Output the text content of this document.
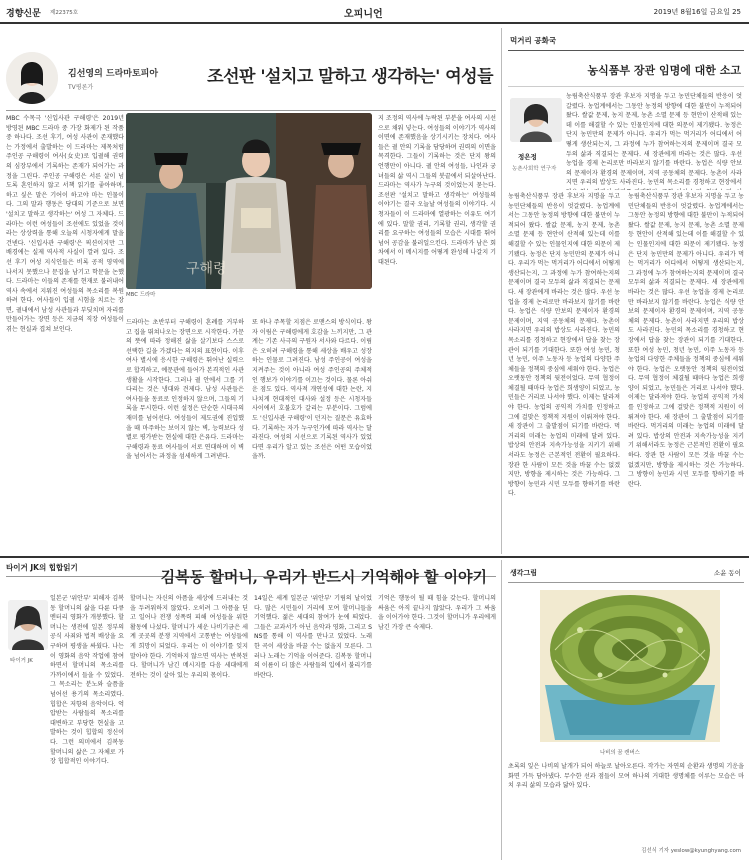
경향신문 제22375호	오피니언	2019년 8월16일 금요일 25
김선영의 드라마토피아
TV평론가
조선판 '설치고 말하고 생각하는' 여성들
MBC 수목극 '신입사관 구해령'은 2019년 방영된 MBC 드라마 중 가장 화제가 된 작품 중 하나다. 조선 후기, 여성 사관이 존재했다는 가정에서 출발하는 이 드라마는 제목처럼 주인공 구해령이 여사(女史)로 입궐해 권력의 심장부에서 기록하는 존재가 되어가는 과정을 그린다. 주인공 구해령은 서른 살이 넘도록 혼인하지 않고 서책 읽기를 좋아하며, 하고 싶은 말은 기어이 하고야 마는 인물이다. 그의 말과 행동은 당대의 기준으로 보면 '설치고 말하고 생각하는' 여성 그 자체다. 드라마는 이런 여성들이 조선에도 있었을 것이라는 상상력을 통해 오늘의 시청자에게 말을 건넨다. '신입사관 구해령'은 픽션이지만 그 배경에는 실제 역사적 사실이 깔려 있다. 조선 후기 여성 지식인들은 비록 공적 영역에 나서지 못했으나 문집을 남기고 학문을 논했다. 드라마는 이들의 존재를 현재로 불러내어 역사 속에서 지워진 여성들의 목소리를 복원하려 한다. 여사들이 입궐 시험을 치르는 장면, 궐내에서 남성 사관들과 부딪치며 자리를 만들어가는 장면 등은 지금의 직장 여성들이 겪는 현실과 겹쳐 보인다.
구해령
MBC 드라마
드라마는 초반부터 구해령이 혼례를 거부하고 집을 뛰쳐나오는 장면으로 시작한다. 가문의 뜻에 따라 정해진 삶을 살기보다 스스로 선택한 길을 가겠다는 의지의 표현이다. 이후 여사 별시에 응시한 구해령은 뛰어난 실력으로 합격하고, 예문관에 들어가 본격적인 사관 생활을 시작한다. 그러나 궐 안에서 그를 기다리는 것은 냉대와 견제다. 남성 사관들은 여사들을 동료로 인정하지 않으며, 그들의 기록을 무시한다. 이런 설정은 단순한 시대극의 재미를 넘어선다. 여성들이 제도권에 진입했을 때 마주하는 보이지 않는 벽, 능력보다 성별로 평가받는 현실에 대한 은유다. 드라마는 구해령과 동료 여사들이 서로 연대하며 이 벽을 넘어서는 과정을 섬세하게 그려낸다.
또 하나 주목할 지점은 로맨스의 방식이다. 왕자 이림은 구해령에게 호감을 느끼지만, 그 관계는 기존 사극의 구원자 서사와 다르다. 이림은 오히려 구해령을 통해 세상을 배우고 성장하는 인물로 그려진다. 남성 주인공이 여성을 지켜주는 것이 아니라 여성 주인공의 주체적인 행보가 이야기를 이끄는 것이다. 물론 아쉬운 점도 있다. 역사적 개연성에 대한 논란, 지나치게 현대적인 대사와 설정 등은 시청자들 사이에서 호불호가 갈리는 부분이다. 그럼에도 '신입사관 구해령'이 던지는 질문은 유효하다. 기록하는 자가 누구인가에 따라 역사는 달라진다. 여성의 시선으로 기록된 역사가 있었다면 우리가 알고 있는 조선은 어떤 모습이었을까.
지 조정의 역사에 누락된 부분을 여사의 시선으로 채워 넣는다. 여성들의 이야기가 역사의 이면에 존재했음을 상기시키는 장치다. 여사들은 궐 안의 기록을 담당하며 권력의 이면을 목격한다. 그들이 기록하는 것은 단지 왕의 언행만이 아니다. 궐 안의 여성들, 나인과 궁녀들의 삶 역시 그들의 붓끝에서 되살아난다. 드라마는 역사가 누구의 것이었는지 묻는다. 조선판 '설치고 말하고 생각하는' 여성들의 이야기는 결국 오늘날 여성들의 이야기다. 시청자들이 이 드라마에 열광하는 이유도 여기에 있다. 말할 권리, 기록할 권리, 생각할 권리를 요구하는 여성들의 모습은 시대를 뛰어넘어 공감을 불러일으킨다. 드라마가 남은 회차에서 이 메시지를 어떻게 완성해 나갈지 기대된다.
먹거리 공화국
농식품부 장관 임명에 대한 소고
정은정
농촌사회학 연구자
농림축산식품부 장관 후보자 지명을 두고 농민단체들의 반응이 엇갈렸다. 농업계에서는 그동안 농정의 방향에 대한 불만이 누적되어 왔다. 쌀값 문제, 농지 문제, 농촌 소멸 문제 등 현안이 산적해 있는데 이를 해결할 수 있는 인물인지에 대한 의문이 제기됐다. 농정은 단지 농민만의 문제가 아니다. 우리가 먹는 먹거리가 어디에서 어떻게 생산되는지, 그 과정에 누가 참여하는지의 문제이며 결국 모두의 삶과 직결되는 문제다. 새 장관에게 바라는 것은 많다. 우선 농업을 경제 논리로만 바라보지 않기를 바란다. 농업은 식량 안보의 문제이자 환경의 문제이며, 지역 공동체의 문제다. 농촌이 사라지면 우리의 밥상도 사라진다. 농민의 목소리를 경청하고 현장에서
농림축산식품부 장관 후보자 지명을 두고 농민단체들의 반응이 엇갈렸다. 농업계에서는 그동안 농정의 방향에 대한 불만이 누적되어 왔다. 쌀값 문제, 농지 문제, 농촌 소멸 문제 등 현안이 산적해 있는데 이를 해결할 수 있는 인물인지에 대한 의문이 제기됐다. 농정은 단지 농민만의 문제가 아니다. 우리가 먹는 먹거리가 어디에서 어떻게 생산되는지, 그 과정에 누가 참여하는지의 문제이며 결국 모두의 삶과 직결되는 문제다. 새 장관에게 바라는 것은 많다. 우선 농업을 경제 논리로만 바라보지 않기를 바란다. 농업은 식량 안보의 문제이자 환경의 문제이며, 지역 공동체의 문제다. 농촌이 사라지면 우리의 밥상도 사라진다. 농민의 목소리를 경청하고 현장에서 답을 찾는 장관이 되기를 기대한다. 또한 여성 농민, 청년 농민, 이주 노동자 등 농업의 다양한 주체들을 정책의 중심에 세워야 한다. 농업은 오랫동안 정책의 뒷전이었다. 무역 협정이 체결될 때마다 농업은 희생양이 되었고, 농민들은 거리로 나서야 했다. 이제는 달라져야 한다. 농업의 공익적 가치를 인정하고 그에 걸맞은 정책적 지원이 이뤄져야 한다. 새 장관이 그 출발점이 되기를 바란다. 먹거리의 미래는 농업의 미래에 달려 있다. 밥상의 안전과 지속가능성을 지키기 위해서라도 농정은 근본적인 전환이 필요하다. 장관 한 사람이 모든 것을 바꿀 수는 없겠지만, 방향을 제시하는 것은 가능하다. 그 방향이 농민과 시민 모두를 향하기를 바란다.
농림축산식품부 장관 후보자 지명을 두고 농민단체들의 반응이 엇갈렸다. 농업계에서는 그동안 농정의 방향에 대한 불만이 누적되어 왔다. 쌀값 문제, 농지 문제, 농촌 소멸 문제 등 현안이 산적해 있는데 이를 해결할 수 있는 인물인지에 대한 의문이 제기됐다. 농정은 단지 농민만의 문제가 아니다. 우리가 먹는 먹거리가 어디에서 어떻게 생산되는지, 그 과정에 누가 참여하는지의 문제이며 결국 모두의 삶과 직결되는 문제다. 새 장관에게 바라는 것은 많다. 우선 농업을 경제 논리로만 바라보지 않기를 바란다. 농업은 식량 안보의 문제이자 환경의 문제이며, 지역 공동체의 문제다. 농촌이 사라지면 우리의 밥상도 사라진다. 농민의 목소리를 경청하고 현장에서 답을 찾는 장관이 되기를 기대한다. 또한 여성 농민, 청년 농민, 이주 노동자 등 농업의 다양한 주체들을 정책의 중심에 세워야 한다. 농업은 오랫동안 정책의 뒷전이었다. 무역 협정이 체결될 때마다 농업은 희생양이 되었고, 농민들은 거리로 나서야 했다. 이제는 달라져야 한다. 농업의 공익적 가치를 인정하고 그에 걸맞은 정책적 지원이 이뤄져야 한다. 새 장관이 그 출발점이 되기를 바란다. 먹거리의 미래는 농업의 미래에 달려 있다. 밥상의 안전과 지속가능성을 지키기 위해서라도 농정은 근본적인 전환이 필요하다. 장관 한 사람이 모든 것을 바꿀 수는 없겠지만, 방향을 제시하는 것은 가능하다. 그 방향이 농민과 시민 모두를 향하기를 바란다.
타이거 JK의 힙합읽기
김복동 할머니, 우리가 반드시 기억해야 할 이야기
타이거 JK
일본군 '위안부' 피해자 김복동 할머니의 삶을 다룬 다큐멘터리 영화가 개봉했다. 할머니는 생전에 일본 정부의 공식 사죄와 법적 배상을 요구하며 평생을 싸웠다. 나는 이 영화의 음악 작업에 참여하면서 할머니의 목소리를 가까이에서 들을 수 있었다. 그 목소리는 분노와 슬픔을 넘어선 용기의 목소리였다. 힙합은 저항의 음악이다. 억압받는 사람들의 목소리를 대변하고 부당한 현실을 고발하는 것이 힙합의 정신이다. 그런 의미에서 김복동 할머니의 삶은 그 자체로 가장 힙합적인 이야기다.
할머니는 자신의 아픔을 세상에 드러내는 것을 두려워하지 않았다. 오히려 그 아픔을 딛고 일어나 전쟁 성폭력 피해 여성들을 위한 활동에 나섰다. 할머니가 세운 나비기금은 세계 곳곳의 분쟁 지역에서 고통받는 여성들에게 희망이 되었다. 우리는 이 이야기를 잊지 말아야 한다. 기억하지 않으면 역사는 반복된다. 할머니가 남긴 메시지를 다음 세대에게 전하는 것이 살아 있는 우리의 몫이다.
14일은 세계 일본군 '위안부' 기림의 날이었다. 많은 시민들이 거리에 모여 할머니들을 기억했다. 젊은 세대의 참여가 눈에 띄었다. 그들은 교과서가 아닌 음악과 영화, 그리고 SNS를 통해 이 역사를 만나고 있었다. 노래 한 곡이 세상을 바꿀 수는 없을지 모른다. 그러나 노래는 기억을 이어준다. 김복동 할머니의 이름이 더 많은 사람들의 입에서 불리기를 바란다.
기억은 행동이 될 때 힘을 갖는다. 할머니의 싸움은 아직 끝나지 않았다. 우리가 그 싸움을 이어가야 한다. 그것이 할머니가 우리에게 남긴 가장 큰 숙제다.
생각그림	소윤 동이
나비의 꿈 캔버스
초록의 잎은 나비의 날개가 되어 하늘로 날아오른다. 작가는 자연의 순환과 생명의 기운을 화면 가득 담아냈다. 무수한 선과 점들이 모여 하나의 거대한 생명체를 이루는 모습은 마치 우리 삶의 모습과 닮아 있다.
김선식 기자 yeslow@kyunghyang.com
